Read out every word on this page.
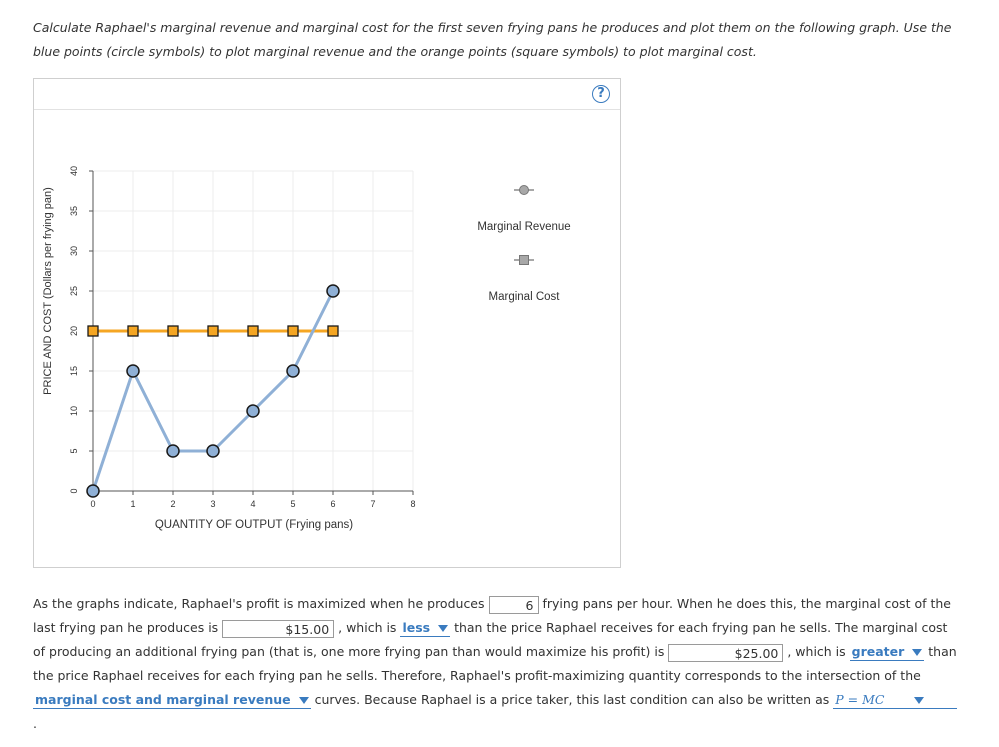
Calculate Raphael's marginal revenue and marginal cost for the first seven frying pans he produces and plot them on the following graph. Use the blue points (circle symbols) to plot marginal revenue and the orange points (square symbols) to plot marginal cost.
?
0	1	2	3	4	5	6	7	8
0
5
10
15
20
25
30
35
40
QUANTITY OF OUTPUT (Frying pans)
PRICE AND COST (Dollars per frying pan)	Marginal Revenue
Marginal Cost
As the graphs indicate, Raphael's profit is maximized when he produces	6 frying pans per hour. When he does this, the marginal cost of the last frying pan he produces is	$15.00 , which is less than the price Raphael receives for each frying pan he sells. The marginal cost of producing an additional frying pan (that is, one more frying pan than would maximize his profit) is	$25.00 , which is greater than the price Raphael receives for each frying pan he sells. Therefore, Raphael's profit-maximizing quantity corresponds to the intersection of the marginal cost and marginal revenue curves. Because Raphael is a price taker, this last condition can also be written as P = MC .
